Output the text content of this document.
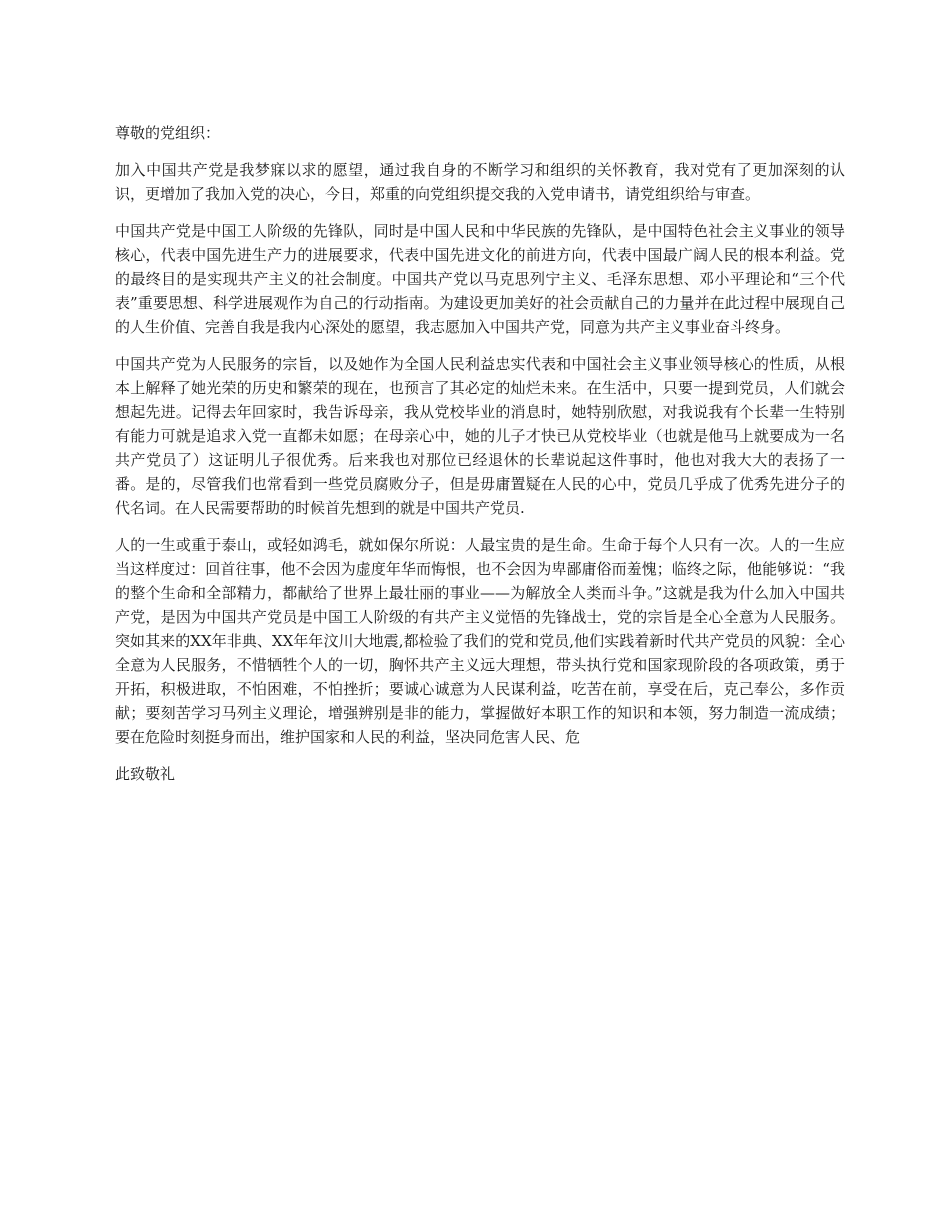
尊敬的党组织：

加入中国共产党是我梦寐以求的愿望，通过我自身的不断学习和组织的关怀教育，我对党有了更加深刻的认识，更增加了我加入党的决心，今日，郑重的向党组织提交我的入党申请书，请党组织给与审查。

中国共产党是中国工人阶级的先锋队，同时是中国人民和中华民族的先锋队，是中国特色社会主义事业的领导核心，代表中国先进生产力的进展要求，代表中国先进文化的前进方向，代表中国最广阔人民的根本利益。党的最终目的是实现共产主义的社会制度。中国共产党以马克思列宁主义、毛泽东思想、邓小平理论和“三个代表”重要思想、科学进展观作为自己的行动指南。为建设更加美好的社会贡献自己的力量并在此过程中展现自己的人生价值、完善自我是我内心深处的愿望，我志愿加入中国共产党，同意为共产主义事业奋斗终身。

中国共产党为人民服务的宗旨，以及她作为全国人民利益忠实代表和中国社会主义事业领导核心的性质，从根本上解释了她光荣的历史和繁荣的现在，也预言了其必定的灿烂未来。在生活中，只要一提到党员，人们就会想起先进。记得去年回家时，我告诉母亲，我从党校毕业的消息时，她特别欣慰，对我说我有个长辈一生特别有能力可就是追求入党一直都未如愿；在母亲心中，她的儿子才快已从党校毕业（也就是他马上就要成为一名共产党员了）这证明儿子很优秀。后来我也对那位已经退休的长辈说起这件事时，他也对我大大的表扬了一番。是的，尽管我们也常看到一些党员腐败分子，但是毋庸置疑在人民的心中，党员几乎成了优秀先进分子的代名词。在人民需要帮助的时候首先想到的就是中国共产党员.

人的一生或重于泰山，或轻如鸿毛，就如保尔所说：人最宝贵的是生命。生命于每个人只有一次。人的一生应当这样度过：回首往事，他不会因为虚度年华而悔恨，也不会因为卑鄙庸俗而羞愧；临终之际，他能够说：“我的整个生命和全部精力，都献给了世界上最壮丽的事业——为解放全人类而斗争。”这就是我为什么加入中国共产党，是因为中国共产党员是中国工人阶级的有共产主义觉悟的先锋战士，党的宗旨是全心全意为人民服务。突如其来的XX年非典、XX年年汶川大地震,都检验了我们的党和党员,他们实践着新时代共产党员的风貌：全心全意为人民服务，不惜牺牲个人的一切，胸怀共产主义远大理想，带头执行党和国家现阶段的各项政策，勇于开拓，积极进取，不怕困难，不怕挫折；要诚心诚意为人民谋利益，吃苦在前，享受在后，克己奉公，多作贡献；要刻苦学习马列主义理论，增强辨别是非的能力，掌握做好本职工作的知识和本领，努力制造一流成绩；要在危险时刻挺身而出，维护国家和人民的利益，坚决同危害人民、危

此致敬礼
